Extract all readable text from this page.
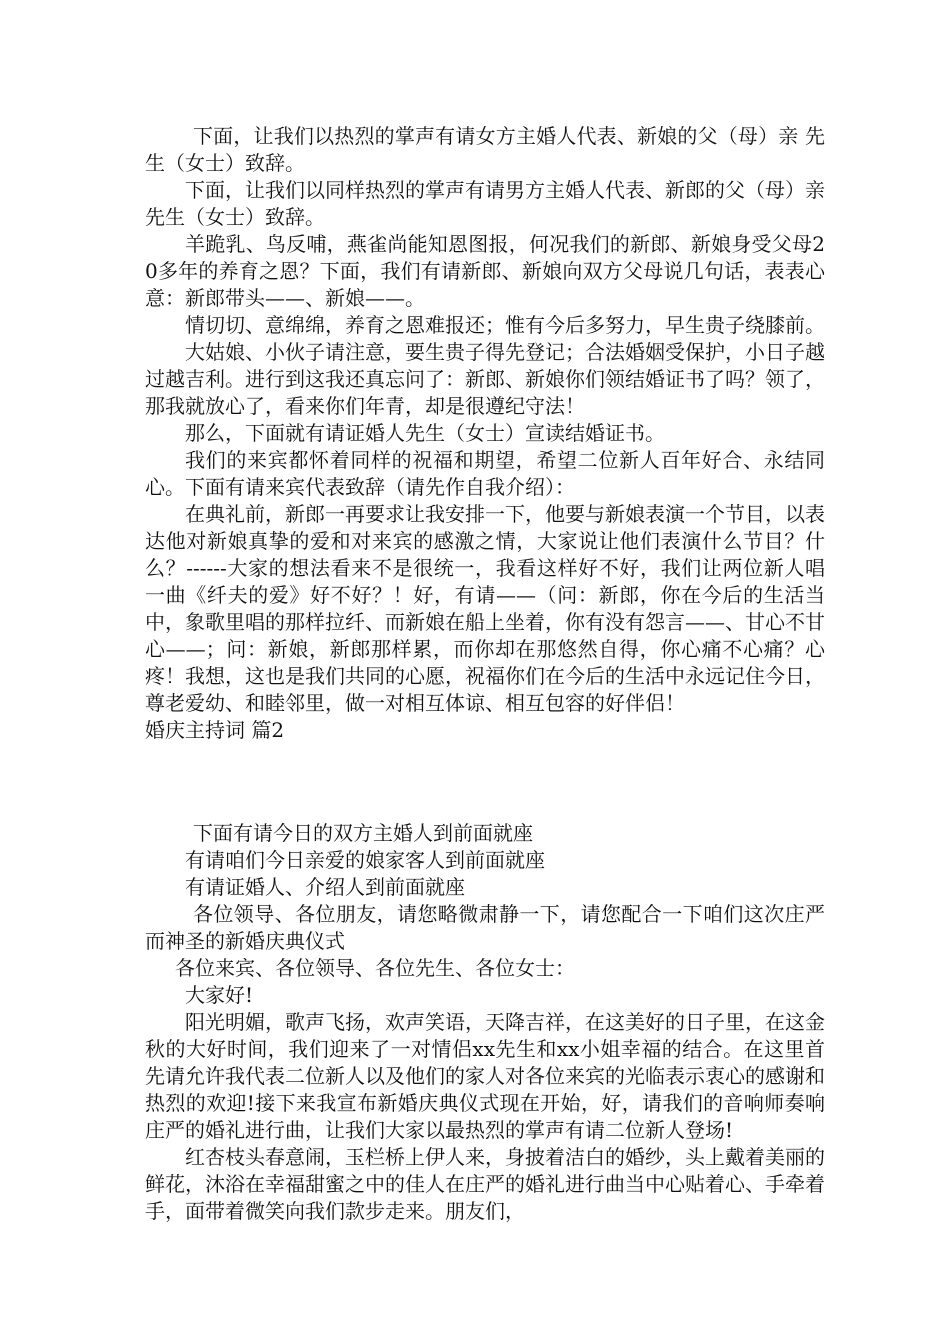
下面，让我们以热烈的掌声有请女方主婚人代表、新娘的父（母）亲 先生（女士）致辞。

下面，让我们以同样热烈的掌声有请男方主婚人代表、新郎的父（母）亲先生（女士）致辞。

羊跪乳、鸟反哺，燕雀尚能知恩图报，何况我们的新郎、新娘身受父母20多年的养育之恩？下面，我们有请新郎、新娘向双方父母说几句话，表表心意：新郎带头——、新娘——。

情切切、意绵绵，养育之恩难报还；惟有今后多努力，早生贵子绕膝前。

大姑娘、小伙子请注意，要生贵子得先登记；合法婚姻受保护，小日子越过越吉利。进行到这我还真忘问了：新郎、新娘你们领结婚证书了吗？领了，那我就放心了，看来你们年青，却是很遵纪守法！

那么，下面就有请证婚人先生（女士）宣读结婚证书。

我们的来宾都怀着同样的祝福和期望，希望二位新人百年好合、永结同心。下面有请来宾代表致辞（请先作自我介绍）：

在典礼前，新郎一再要求让我安排一下，他要与新娘表演一个节目，以表达他对新娘真挚的爱和对来宾的感激之情，大家说让他们表演什么节目？什么？------大家的想法看来不是很统一，我看这样好不好，我们让两位新人唱一曲《纤夫的爱》好不好？！好，有请——（问：新郎，你在今后的生活当中，象歌里唱的那样拉纤、而新娘在船上坐着，你有没有怨言——、甘心不甘心——；问：新娘，新郎那样累，而你却在那悠然自得，你心痛不心痛？心疼！我想，这也是我们共同的心愿，祝福你们在今后的生活中永远记住今日，尊老爱幼、和睦邻里，做一对相互体谅、相互包容的好伴侣！

婚庆主持词 篇2

下面有请今日的双方主婚人到前面就座

有请咱们今日亲爱的娘家客人到前面就座

有请证婚人、介绍人到前面就座

各位领导、各位朋友，请您略微肃静一下，请您配合一下咱们这次庄严而神圣的新婚庆典仪式

各位来宾、各位领导、各位先生、各位女士：

大家好!

阳光明媚，歌声飞扬，欢声笑语，天降吉祥，在这美好的日子里，在这金秋的大好时间，我们迎来了一对情侣xx先生和xx小姐幸福的结合。在这里首先请允许我代表二位新人以及他们的家人对各位来宾的光临表示衷心的感谢和热烈的欢迎!接下来我宣布新婚庆典仪式现在开始，好，请我们的音响师奏响庄严的婚礼进行曲，让我们大家以最热烈的掌声有请二位新人登场!

红杏枝头春意闹，玉栏桥上伊人来，身披着洁白的婚纱，头上戴着美丽的鲜花，沐浴在幸福甜蜜之中的佳人在庄严的婚礼进行曲当中心贴着心、手牵着手，面带着微笑向我们款步走来。朋友们，
